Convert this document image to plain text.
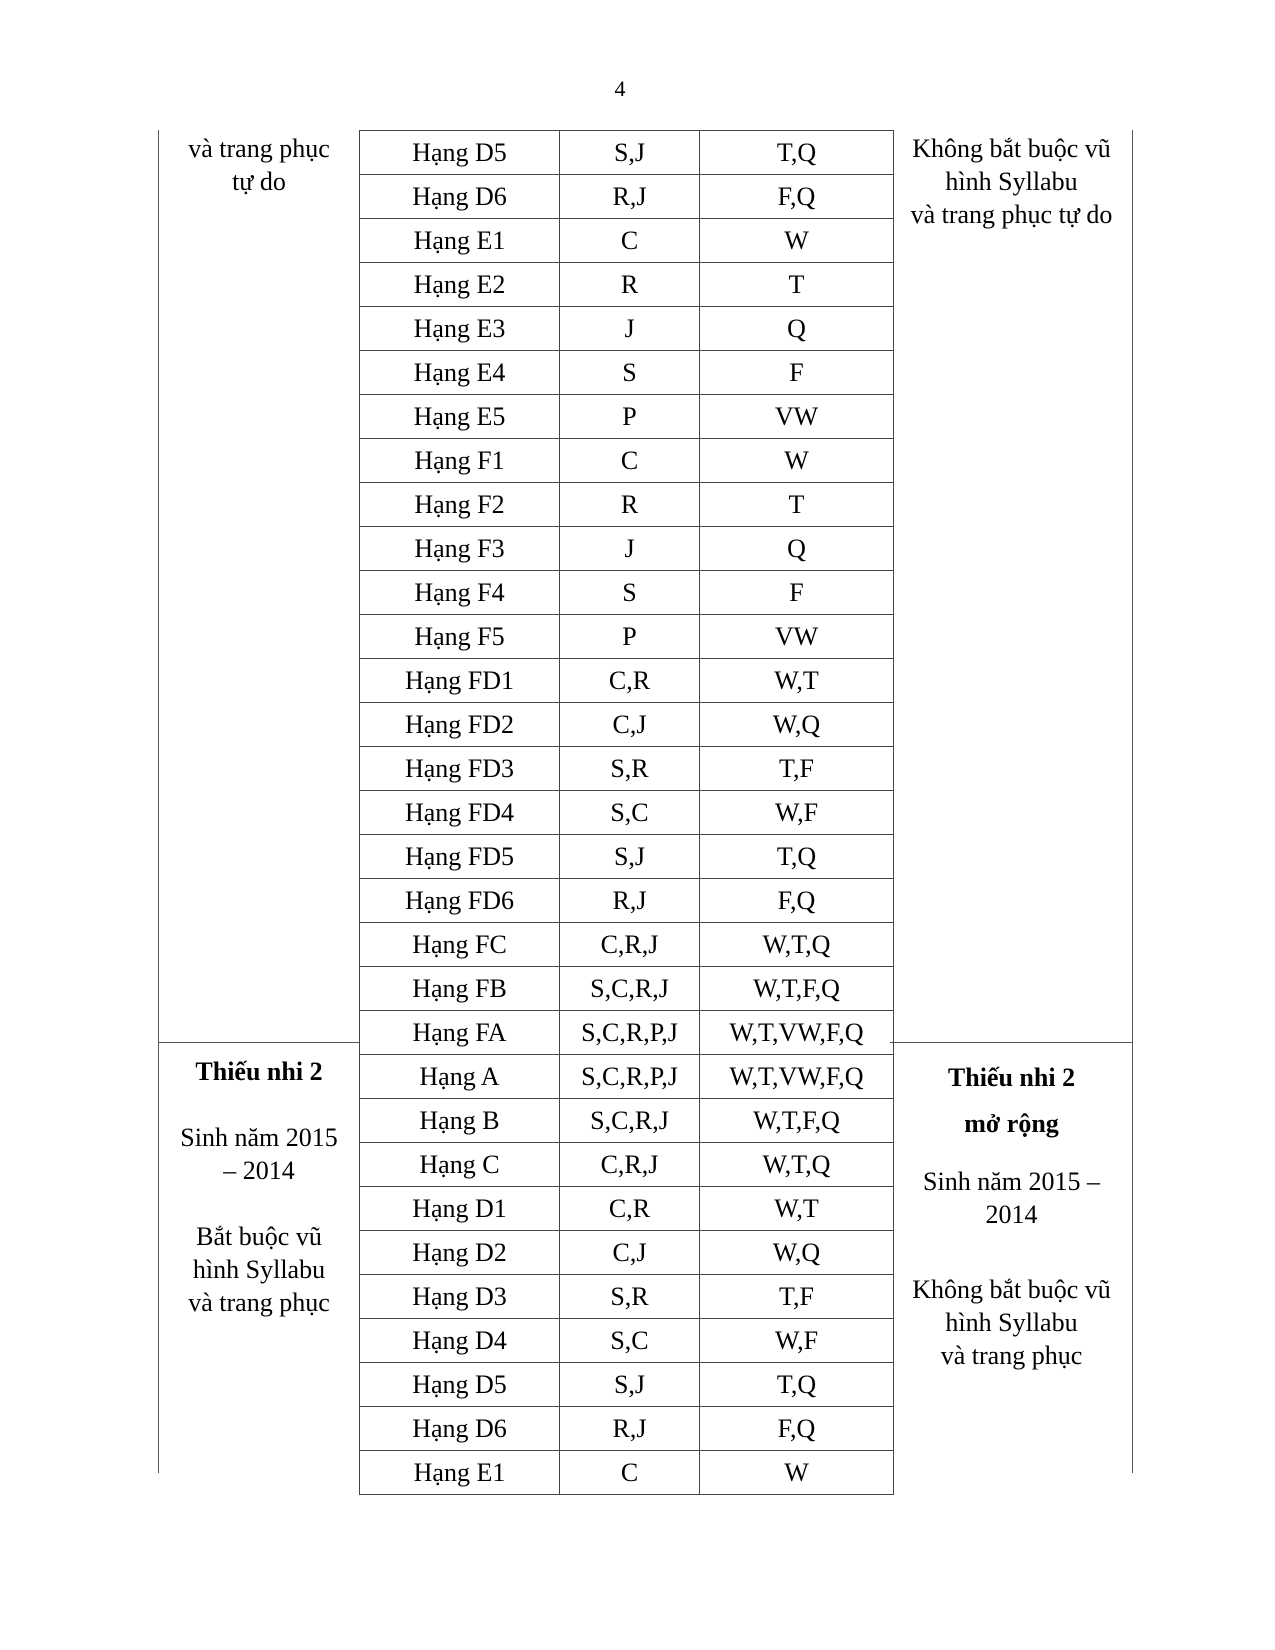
4
và trang phục
tự do
Không bắt buộc vũ
hình Syllabu
và trang phục tự do
Thiếu nhi 2
Sinh năm 2015
– 2014
Bắt buộc vũ
hình Syllabu
và trang phục
Thiếu nhi 2
mở rộng
Sinh năm 2015 –
2014
Không bắt buộc vũ
hình Syllabu
và trang phục
Hạng D5	S,J	T,Q
Hạng D6	R,J	F,Q
Hạng E1	C	W
Hạng E2	R	T
Hạng E3	J	Q
Hạng E4	S	F
Hạng E5	P	VW
Hạng F1	C	W
Hạng F2	R	T
Hạng F3	J	Q
Hạng F4	S	F
Hạng F5	P	VW
Hạng FD1	C,R	W,T
Hạng FD2	C,J	W,Q
Hạng FD3	S,R	T,F
Hạng FD4	S,C	W,F
Hạng FD5	S,J	T,Q
Hạng FD6	R,J	F,Q
Hạng FC	C,R,J	W,T,Q
Hạng FB	S,C,R,J	W,T,F,Q
Hạng FA	S,C,R,P,J	W,T,VW,F,Q
Hạng A	S,C,R,P,J	W,T,VW,F,Q
Hạng B	S,C,R,J	W,T,F,Q
Hạng C	C,R,J	W,T,Q
Hạng D1	C,R	W,T
Hạng D2	C,J	W,Q
Hạng D3	S,R	T,F
Hạng D4	S,C	W,F
Hạng D5	S,J	T,Q
Hạng D6	R,J	F,Q
Hạng E1	C	W
